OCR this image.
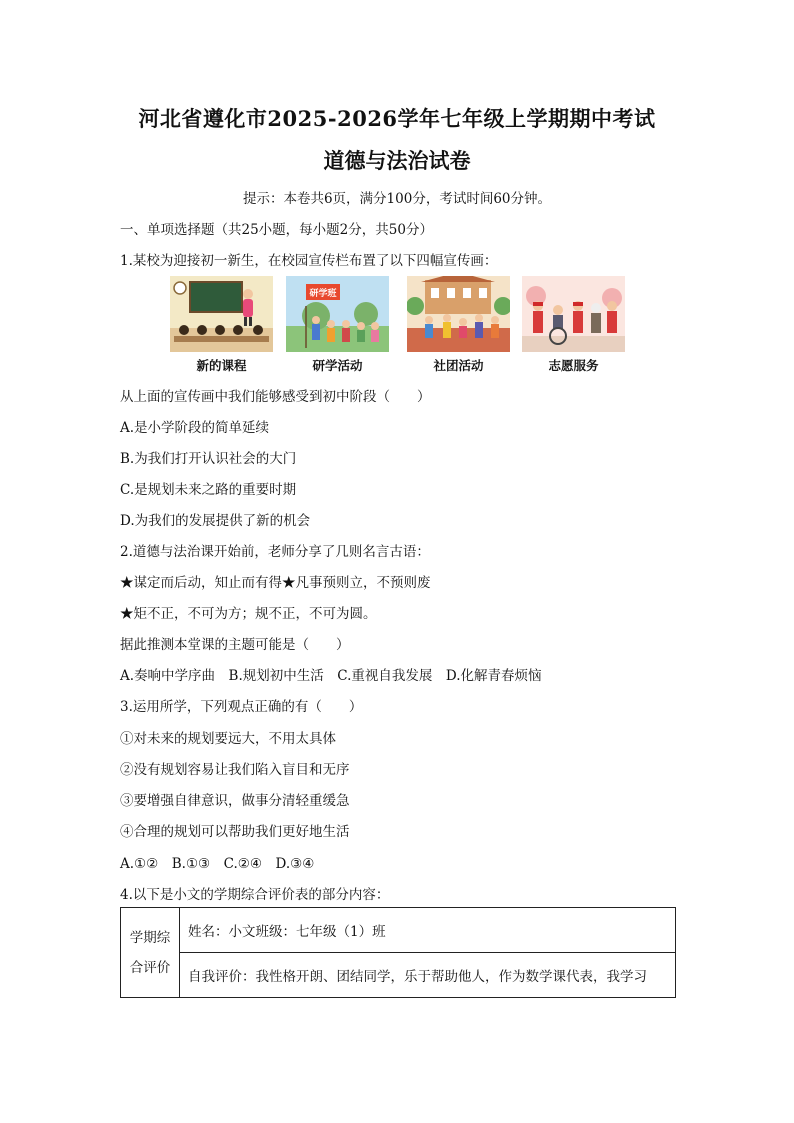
河北省遵化市2025-2026学年七年级上学期期中考试
道德与法治试卷
提示：本卷共6页，满分100分，考试时间60分钟。
一、单项选择题（共25小题，每小题2分，共50分）
1.某校为迎接初一新生，在校园宣传栏布置了以下四幅宣传画：
新的课程
研学班
研学活动	社团活动	志愿服务
从上面的宣传画中我们能够感受到初中阶段（　　）
A.是小学阶段的简单延续
B.为我们打开认识社会的大门
C.是规划未来之路的重要时期
D.为我们的发展提供了新的机会
2.道德与法治课开始前，老师分享了几则名言古语：
★谋定而后动，知止而有得★凡事预则立，不预则废
★矩不正，不可为方；规不正，不可为圆。
据此推测本堂课的主题可能是（　　）
A.奏响中学序曲　B.规划初中生活　C.重视自我发展　D.化解青春烦恼
3.运用所学，下列观点正确的有（　　）
①对未来的规划要远大，不用太具体
②没有规划容易让我们陷入盲目和无序
③要增强自律意识，做事分清轻重缓急
④合理的规划可以帮助我们更好地生活
A.①②　B.①③　C.②④　D.③④
4.以下是小文的学期综合评价表的部分内容：
学期综合评价	姓名：小文班级：七年级（1）班
自我评价：我性格开朗、团结同学，乐于帮助他人，作为数学课代表，我学习
